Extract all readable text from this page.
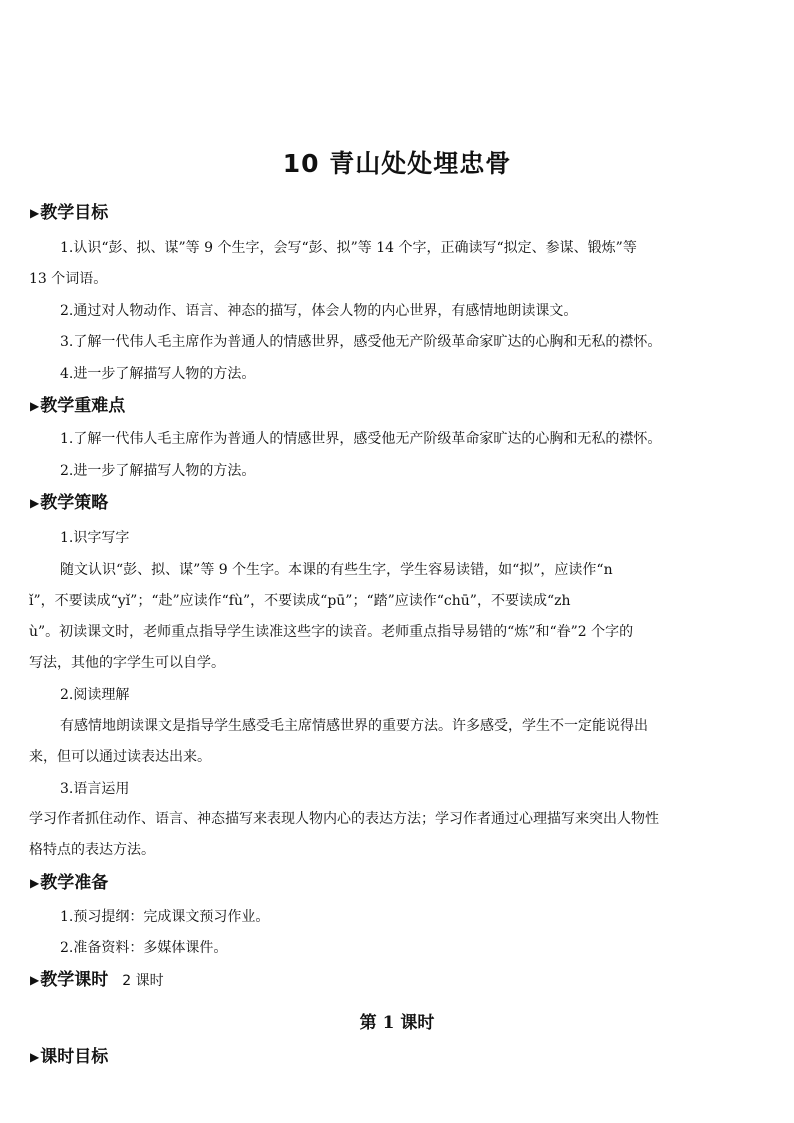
10 青山处处埋忠骨
▶教学目标
1.认识“彭、拟、谋”等 9 个生字，会写“彭、拟”等 14 个字，正确读写“拟定、参谋、锻炼”等
13 个词语。
2.通过对人物动作、语言、神态的描写，体会人物的内心世界，有感情地朗读课文。
3.了解一代伟人毛主席作为普通人的情感世界，感受他无产阶级革命家旷达的心胸和无私的襟怀。
4.进一步了解描写人物的方法。
▶教学重难点
1.了解一代伟人毛主席作为普通人的情感世界，感受他无产阶级革命家旷达的心胸和无私的襟怀。
2.进一步了解描写人物的方法。
▶教学策略
1.识字写字
随文认识“彭、拟、谋”等 9 个生字。本课的有些生字，学生容易读错，如“拟”，应读作“n
ǐ”，不要读成“yǐ”；“赴”应读作“fù”，不要读成“pū”；“踏”应读作“chū”，不要读成“zh
ù”。初读课文时，老师重点指导学生读准这些字的读音。老师重点指导易错的“炼”和“眷”2 个字的
写法，其他的字学生可以自学。
2.阅读理解
有感情地朗读课文是指导学生感受毛主席情感世界的重要方法。许多感受，学生不一定能说得出
来，但可以通过读表达出来。
3.语言运用
学习作者抓住动作、语言、神态描写来表现人物内心的表达方法；学习作者通过心理描写来突出人物性
格特点的表达方法。
▶教学准备
1.预习提纲：完成课文预习作业。
2.准备资料：多媒体课件。
▶教学课时 2 课时
第 1 课时
▶课时目标
